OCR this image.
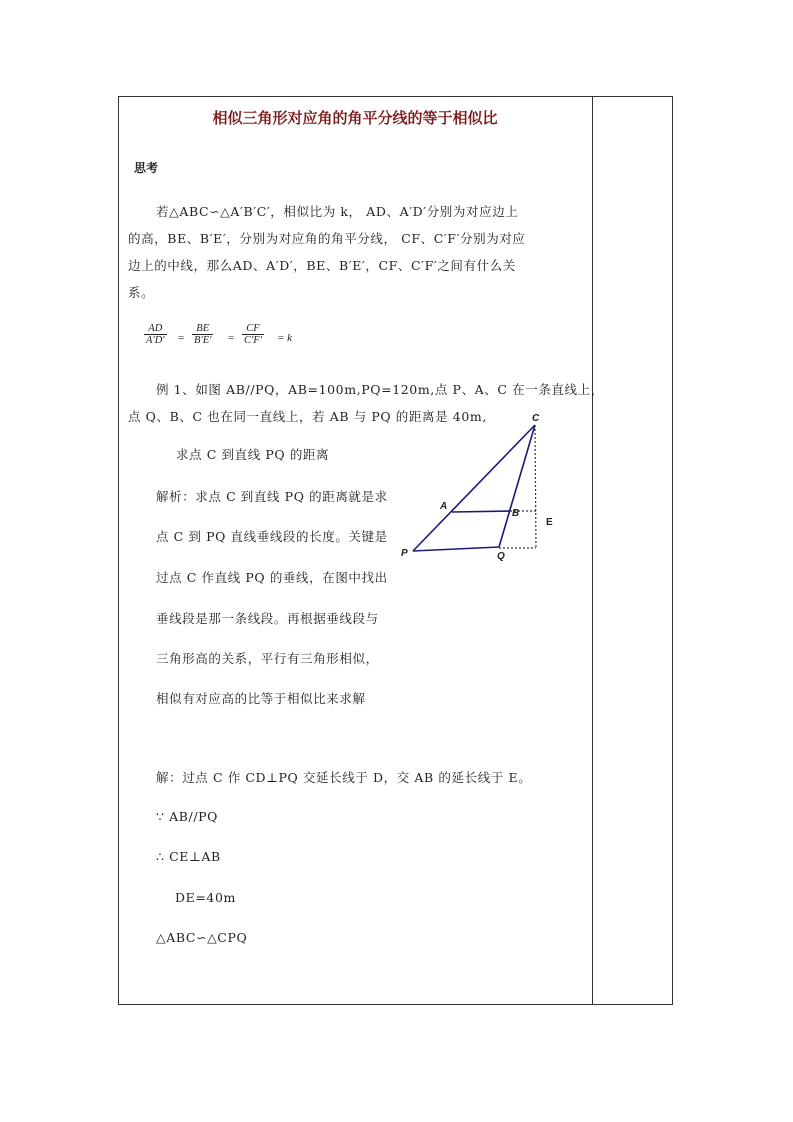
相似三角形对应角的角平分线的等于相似比
思考
若△ABC∽△A′B′C′，相似比为 k， AD、A′D′分别为对应边上
的高，BE、B′E′，分别为对应角的角平分线， CF、C′F′分别为对应
边上的中线，那么AD、A′D′，BE、B′E′，CF、C′F′之间有什么关
系。
$\frac{AD}{A'D'} = \frac{BE}{B'E'} = \frac{CF}{C'F'} = k$
例 1、如图 AB//PQ，AB=100m,PQ=120m,点 P、A、C 在一条直线上，
点 Q、B、C 也在同一直线上，若 AB 与 PQ 的距离是 40m,
求点 C 到直线 PQ 的距离
解析：求点 C 到直线 PQ 的距离就是求
点 C 到 PQ 直线垂线段的长度。关键是
过点 C 作直线 PQ 的垂线，在图中找出
垂线段是那一条线段。再根据垂线段与
三角形高的关系，平行有三角形相似，
相似有对应高的比等于相似比来求解
C
A
B
E
P	Q
解：过点 C 作 CD⊥PQ 交延长线于 D，交 AB 的延长线于 E。
∵ AB//PQ
∴ CE⊥AB
DE=40m
△ABC∽△CPQ
